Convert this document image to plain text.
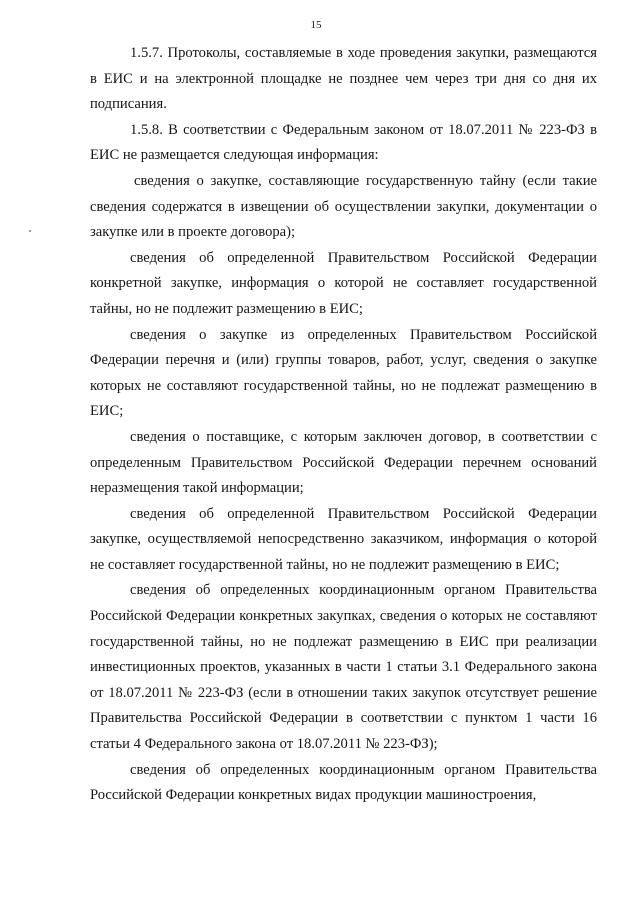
15

1.5.7. Протоколы, составляемые в ходе проведения закупки, размещаются в ЕИС и на электронной площадке не позднее чем через три дня со дня их подписания.

1.5.8. В соответствии с Федеральным законом от 18.07.2011 № 223-ФЗ в ЕИС не размещается следующая информация:

сведения о закупке, составляющие государственную тайну (если такие сведения содержатся в извещении об осуществлении закупки, документации о закупке или в проекте договора);

сведения об определенной Правительством Российской Федерации конкретной закупке, информация о которой не составляет государственной тайны, но не подлежит размещению в ЕИС;

сведения о закупке из определенных Правительством Российской Федерации перечня и (или) группы товаров, работ, услуг, сведения о закупке которых не составляют государственной тайны, но не подлежат размещению в ЕИС;

сведения о поставщике, с которым заключен договор, в соответствии с определенным Правительством Российской Федерации перечнем оснований неразмещения такой информации;

сведения об определенной Правительством Российской Федерации закупке, осуществляемой непосредственно заказчиком, информация о которой не составляет государственной тайны, но не подлежит размещению в ЕИС;

сведения об определенных координационным органом Правительства Российской Федерации конкретных закупках, сведения о которых не составляют государственной тайны, но не подлежат размещению в ЕИС при реализации инвестиционных проектов, указанных в части 1 статьи 3.1 Федерального закона от 18.07.2011 № 223-ФЗ (если в отношении таких закупок отсутствует решение Правительства Российской Федерации в соответствии с пунктом 1 части 16 статьи 4 Федерального закона от 18.07.2011 № 223-ФЗ);

сведения об определенных координационным органом Правительства Российской Федерации конкретных видах продукции машиностроения,
